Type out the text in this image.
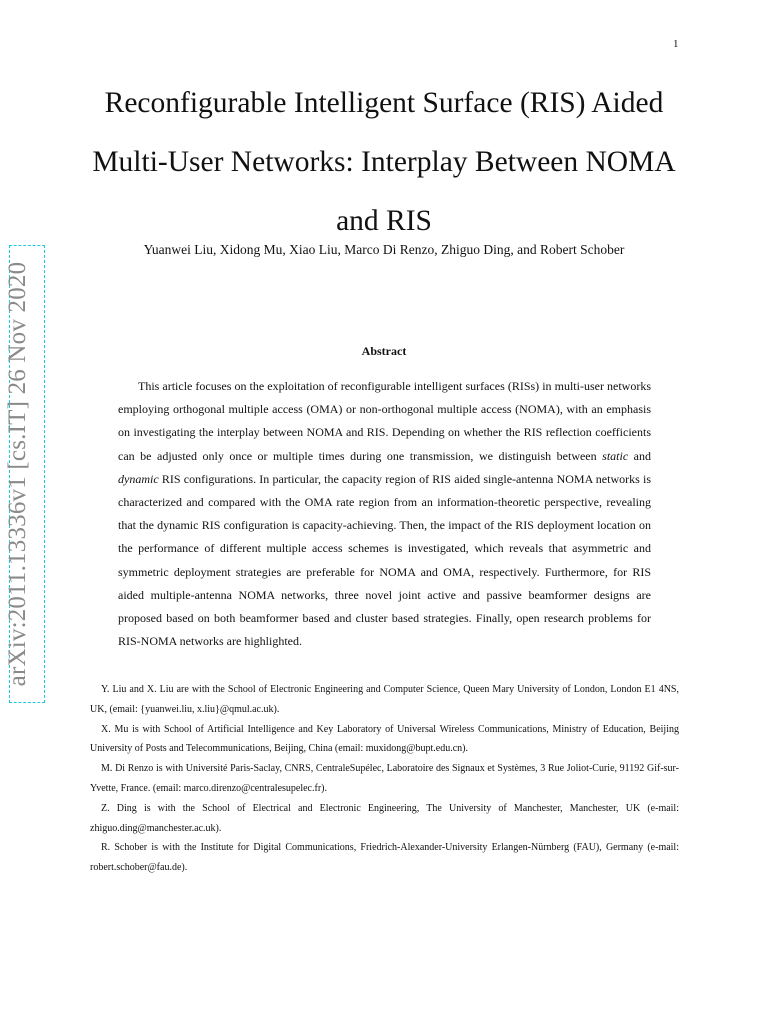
1
arXiv:2011.13336v1 [cs.IT] 26 Nov 2020
Reconfigurable Intelligent Surface (RIS) Aided Multi-User Networks: Interplay Between NOMA and RIS
Yuanwei Liu, Xidong Mu, Xiao Liu, Marco Di Renzo, Zhiguo Ding, and Robert Schober
Abstract

This article focuses on the exploitation of reconfigurable intelligent surfaces (RISs) in multi-user networks employing orthogonal multiple access (OMA) or non-orthogonal multiple access (NOMA), with an emphasis on investigating the interplay between NOMA and RIS. Depending on whether the RIS reflection coefficients can be adjusted only once or multiple times during one transmission, we distinguish between static and dynamic RIS configurations. In particular, the capacity region of RIS aided single-antenna NOMA networks is characterized and compared with the OMA rate region from an information-theoretic perspective, revealing that the dynamic RIS configuration is capacity-achieving. Then, the impact of the RIS deployment location on the performance of different multiple access schemes is investigated, which reveals that asymmetric and symmetric deployment strategies are preferable for NOMA and OMA, respectively. Furthermore, for RIS aided multiple-antenna NOMA networks, three novel joint active and passive beamformer designs are proposed based on both beamformer based and cluster based strategies. Finally, open research problems for RIS-NOMA networks are highlighted.

Y. Liu and X. Liu are with the School of Electronic Engineering and Computer Science, Queen Mary University of London, London E1 4NS, UK, (email: {yuanwei.liu, x.liu}@qmul.ac.uk).

X. Mu is with School of Artificial Intelligence and Key Laboratory of Universal Wireless Communications, Ministry of Education, Beijing University of Posts and Telecommunications, Beijing, China (email: muxidong@bupt.edu.cn).

M. Di Renzo is with Université Paris-Saclay, CNRS, CentraleSupélec, Laboratoire des Signaux et Systèmes, 3 Rue Joliot-Curie, 91192 Gif-sur-Yvette, France. (email: marco.direnzo@centralesupelec.fr).

Z. Ding is with the School of Electrical and Electronic Engineering, The University of Manchester, Manchester, UK (e-mail: zhiguo.ding@manchester.ac.uk).

R. Schober is with the Institute for Digital Communications, Friedrich-Alexander-University Erlangen-Nürnberg (FAU), Germany (e-mail: robert.schober@fau.de).
